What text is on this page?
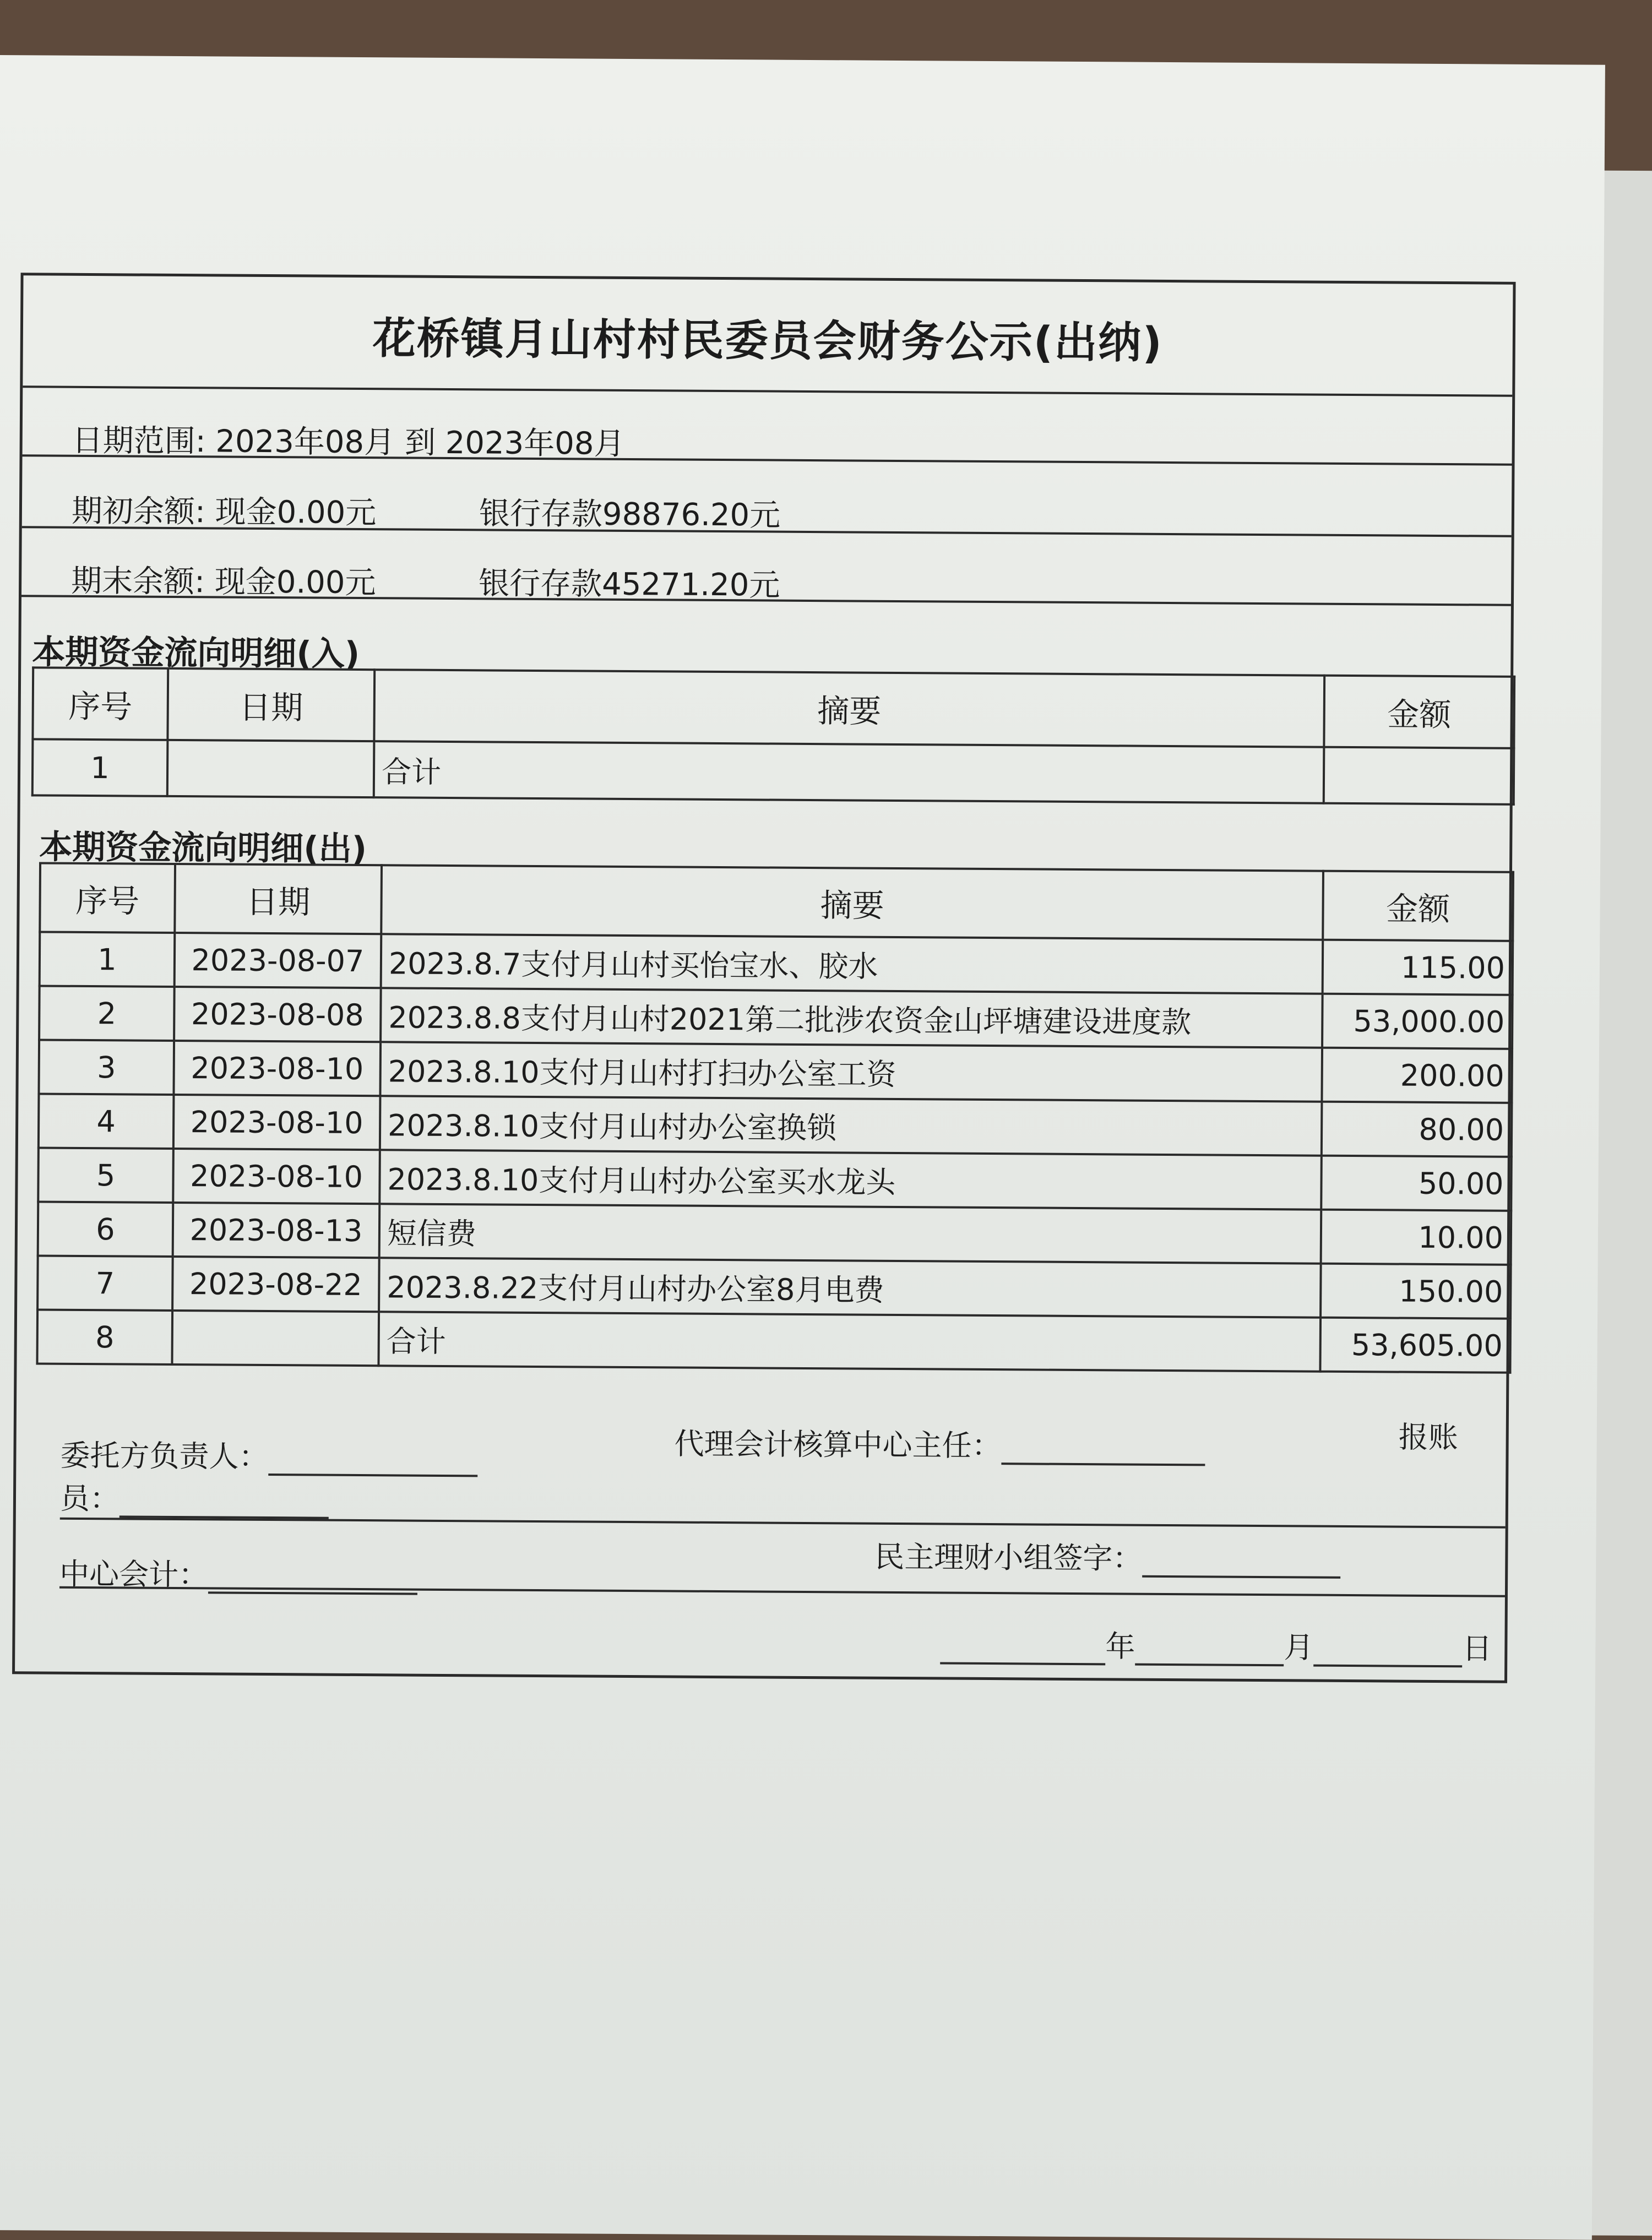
花桥镇月山村村民委员会财务公示(出纳)
日期范围: 2023年08月 到 2023年08月
期初余额: 现金0.00元	银行存款98876.20元
期末余额: 现金0.00元	银行存款45271.20元
本期资金流向明细(入)
序号	日期	摘要	金额
1		合计	
本期资金流向明细(出)
序号	日期	摘要	金额
1	2023-08-07	2023.8.7支付月山村买怡宝水、胶水	115.00
2	2023-08-08	2023.8.8支付月山村2021第二批涉农资金山坪塘建设进度款	53,000.00
3	2023-08-10	2023.8.10支付月山村打扫办公室工资	200.00
4	2023-08-10	2023.8.10支付月山村办公室换锁	80.00
5	2023-08-10	2023.8.10支付月山村办公室买水龙头	50.00
6	2023-08-13	短信费	10.00
7	2023-08-22	2023.8.22支付月山村办公室8月电费	150.00
8		合计	53,605.00
委托方负责人：	代理会计核算中心主任：	报账
员：
民主理财小组签字：
中心会计：
年	月	日
